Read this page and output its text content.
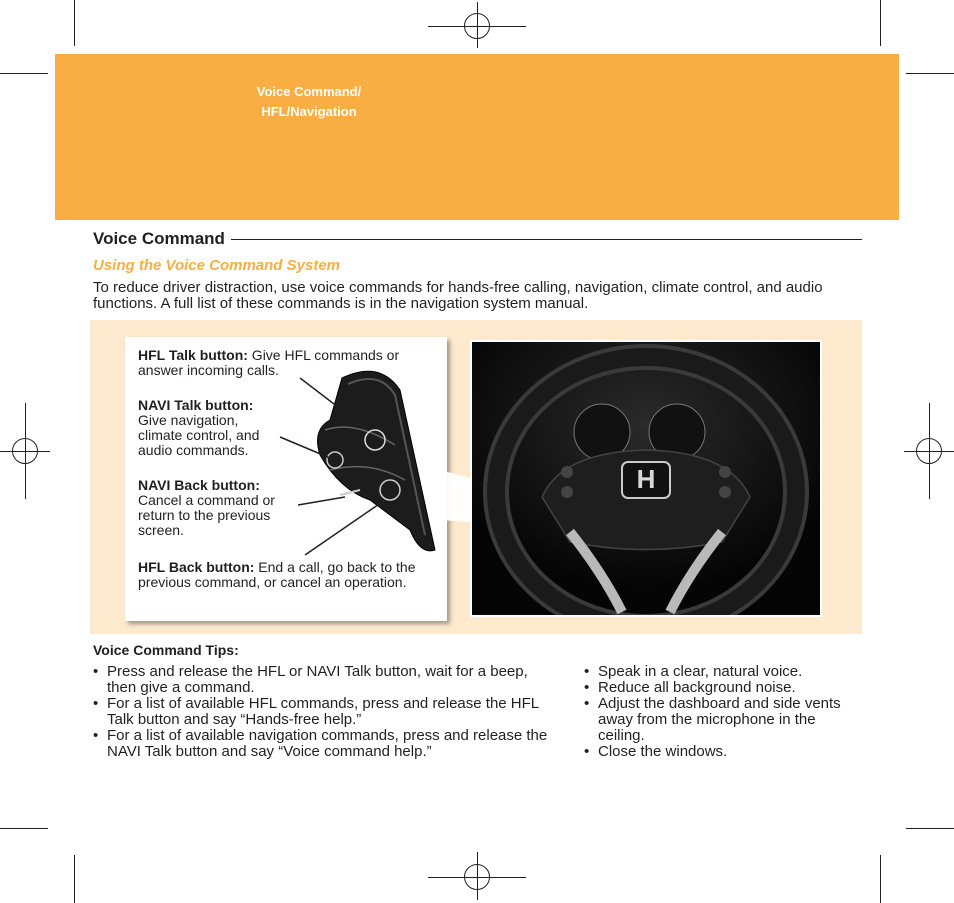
Voice Command/
HFL/Navigation
Voice Command
Using the Voice Command System
To reduce driver distraction, use voice commands for hands-free calling, navigation, climate control, and audio functions. A full list of these commands is in the navigation system manual.
HFL Talk button: Give HFL commands or answer incoming calls.
NAVI Talk button:
Give navigation, climate control, and audio commands.
NAVI Back button:
Cancel a command or return to the previous screen.
HFL Back button: End a call, go back to the previous command, or cancel an operation.
H
Voice Command Tips:
• Press and release the HFL or NAVI Talk button, wait for a beep, then give a command.
• For a list of available HFL commands, press and release the HFL Talk button and say “Hands-free help.”
• For a list of available navigation commands, press and release the NAVI Talk button and say “Voice command help.”
• Speak in a clear, natural voice.
• Reduce all background noise.
• Adjust the dashboard and side vents away from the microphone in the ceiling.
• Close the windows.
